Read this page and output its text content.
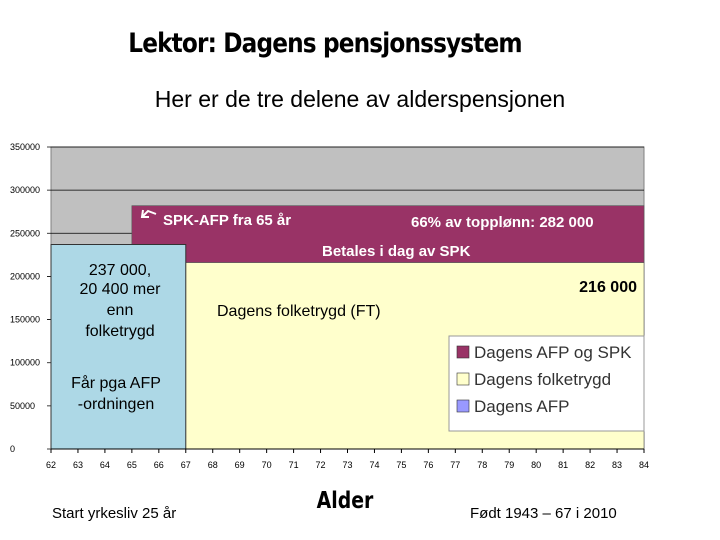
Lektor: Dagens pensjonssystem
Her er de tre delene av alderspensjonen
0
50000
100000
150000
200000
250000
300000
350000
62 63 64 65 66 67 68 69 70 71 72 73 74 75 76 77 78 79 80 81 82 83 84
SPK-AFP fra 65 år	66% av topplønn: 282 000
Betales i dag av SPK
216 000
Dagens folketrygd (FT)
237 000,
20 400 mer
enn
folketrygd
Får pga AFP
-ordningen
Dagens AFP og SPK
Dagens folketrygd
Dagens AFP
Alder
Start yrkesliv 25 år	Født 1943 – 67 i 2010
